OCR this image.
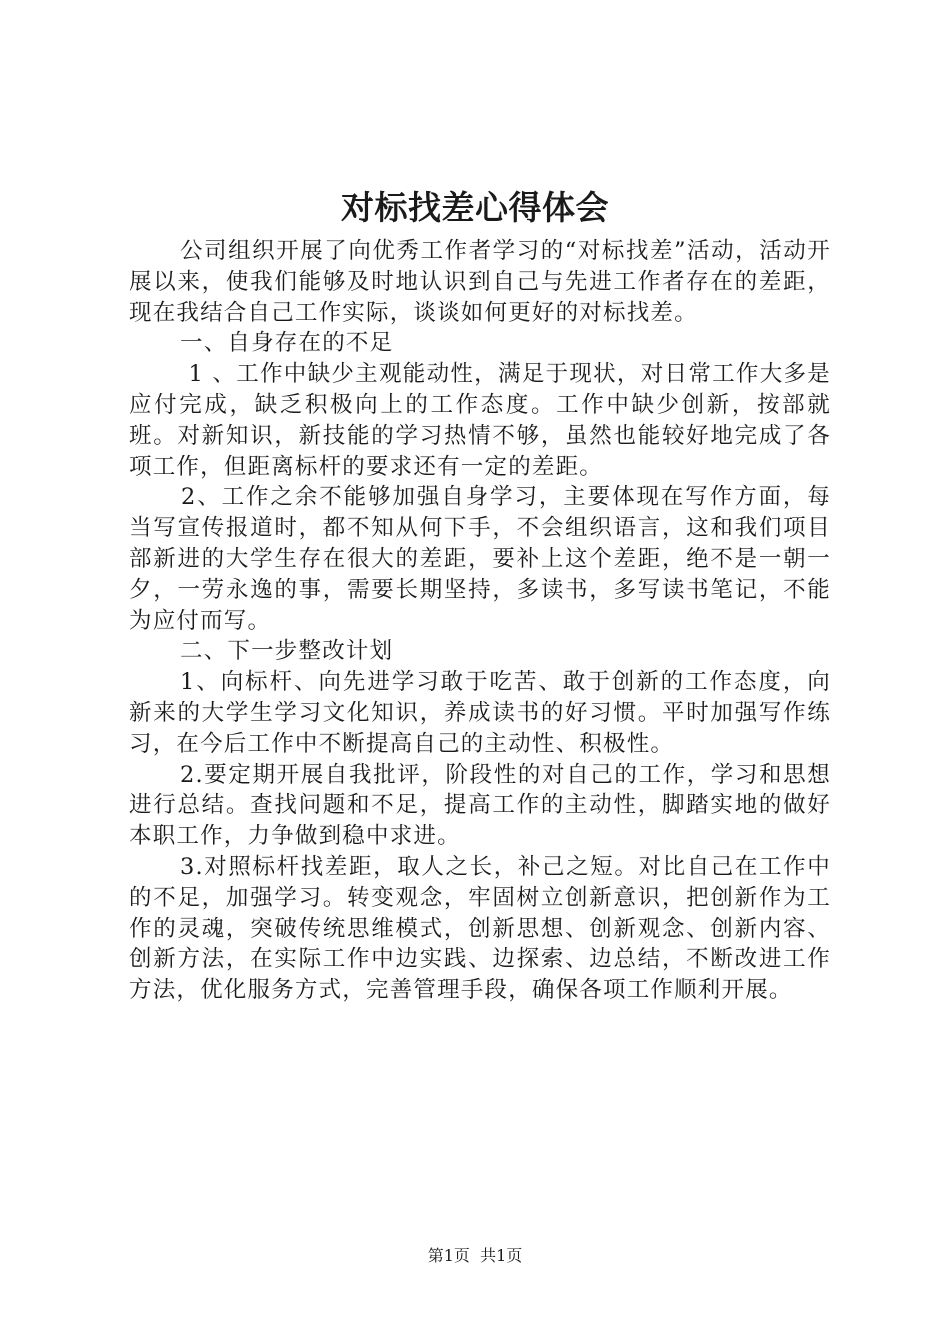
对标找差心得体会

公司组织开展了向优秀工作者学习的“对标找差”活动，活动开展以来，使我们能够及时地认识到自己与先进工作者存在的差距，现在我结合自己工作实际，谈谈如何更好的对标找差。

一、自身存在的不足

1 、工作中缺少主观能动性，满足于现状，对日常工作大多是应付完成，缺乏积极向上的工作态度。工作中缺少创新，按部就班。对新知识，新技能的学习热情不够，虽然也能较好地完成了各项工作，但距离标杆的要求还有一定的差距。

2、工作之余不能够加强自身学习，主要体现在写作方面，每当写宣传报道时，都不知从何下手，不会组织语言，这和我们项目部新进的大学生存在很大的差距，要补上这个差距，绝不是一朝一夕，一劳永逸的事，需要长期坚持，多读书，多写读书笔记，不能为应付而写。

二、下一步整改计划

1、向标杆、向先进学习敢于吃苦、敢于创新的工作态度，向新来的大学生学习文化知识，养成读书的好习惯。平时加强写作练习，在今后工作中不断提高自己的主动性、积极性。

2.要定期开展自我批评，阶段性的对自己的工作，学习和思想进行总结。查找问题和不足，提高工作的主动性，脚踏实地的做好本职工作，力争做到稳中求进。

3.对照标杆找差距，取人之长，补己之短。对比自己在工作中的不足，加强学习。转变观念，牢固树立创新意识，把创新作为工作的灵魂，突破传统思维模式，创新思想、创新观念、创新内容、创新方法，在实际工作中边实践、边探索、边总结，不断改进工作方法，优化服务方式，完善管理手段，确保各项工作顺利开展。

第1页  共1页
